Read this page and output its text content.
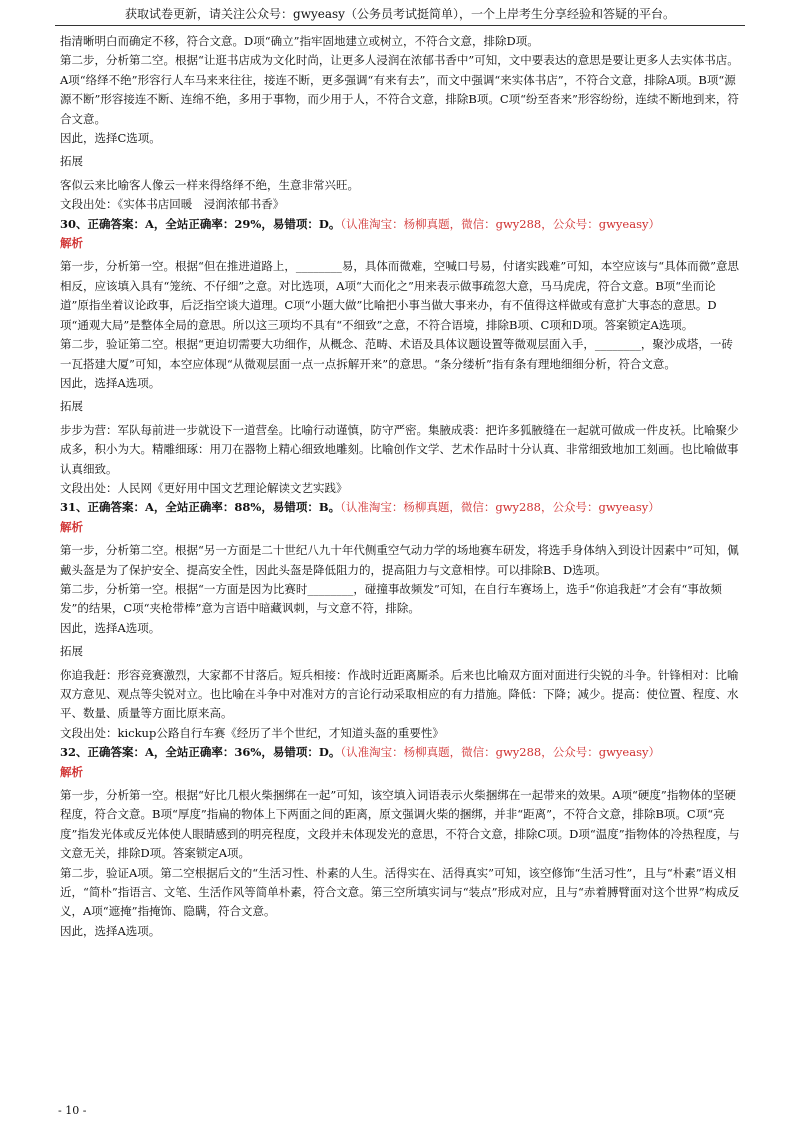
获取试卷更新，请关注公众号：gwyeasy（公务员考试挺简单），一个上岸考生分享经验和答疑的平台。

指清晰明白而确定不移，符合文意。D项“确立”指牢固地建立或树立，不符合文意，排除D项。

第二步，分析第二空。根据“让逛书店成为文化时尚，让更多人浸润在浓郁书香中”可知，文中要表达的意思是要让更多人去实体书店。A项“络绎不绝”形容行人车马来来往往，接连不断，更多强调“有来有去”，而文中强调“来实体书店”，不符合文意，排除A项。B项“源源不断”形容接连不断、连绵不绝，多用于事物，而少用于人，不符合文意，排除B项。C项“纷至沓来”形容纷纷，连续不断地到来，符合文意。

因此，选择C选项。

拓展

客似云来比喻客人像云一样来得络绎不绝，生意非常兴旺。

文段出处：《实体书店回暖　浸润浓郁书香》

30、正确答案：A，全站正确率：29%，易错项：D。（认准淘宝：杨柳真题，微信：gwy288，公众号：gwyeasy）

解析

第一步，分析第一空。根据“但在推进道路上，________易，具体而微难，空喊口号易，付诸实践难”可知，本空应该与“具体而微”意思相反，应该填入具有“笼统、不仔细”之意。对比选项，A项“大而化之”用来表示做事疏忽大意，马马虎虎，符合文意。B项“坐而论道”原指坐着议论政事，后泛指空谈大道理。C项“小题大做”比喻把小事当做大事来办，有不值得这样做或有意扩大事态的意思。D项“通观大局”是整体全局的意思。所以这三项均不具有“不细致”之意，不符合语境，排除B项、C项和D项。答案锁定A选项。

第二步，验证第二空。根据“更迫切需要大功细作，从概念、范畴、术语及具体议题设置等微观层面入手，________，聚沙成塔，一砖一瓦搭建大厦”可知，本空应体现“从微观层面一点一点拆解开来”的意思。“条分缕析”指有条有理地细细分析，符合文意。

因此，选择A选项。

拓展

步步为营：军队每前进一步就设下一道营垒。比喻行动谨慎，防守严密。集腋成裘：把许多狐腋缝在一起就可做成一件皮袄。比喻聚少成多，积小为大。精雕细琢：用刀在器物上精心细致地雕刻。比喻创作文学、艺术作品时十分认真、非常细致地加工刻画。也比喻做事认真细致。

文段出处：人民网《更好用中国文艺理论解读文艺实践》

31、正确答案：A，全站正确率：88%，易错项：B。（认准淘宝：杨柳真题，微信：gwy288，公众号：gwyeasy）

解析

第一步，分析第二空。根据“另一方面是二十世纪八九十年代侧重空气动力学的场地赛车研发，将选手身体纳入到设计因素中”可知，佩戴头盔是为了保护安全、提高安全性，因此头盔是降低阻力的，提高阻力与文意相悖。可以排除B、D选项。

第二步，分析第一空。根据“一方面是因为比赛时________，碰撞事故频发”可知，在自行车赛场上，选手“你追我赶”才会有“事故频发”的结果，C项“夹枪带棒”意为言语中暗藏讽刺，与文意不符，排除。

因此，选择A选项。

拓展

你追我赶：形容竞赛激烈，大家都不甘落后。短兵相接：作战时近距离厮杀。后来也比喻双方面对面进行尖锐的斗争。针锋相对：比喻双方意见、观点等尖锐对立。也比喻在斗争中对准对方的言论行动采取相应的有力措施。降低：下降；减少。提高：使位置、程度、水平、数量、质量等方面比原来高。

文段出处：kickup公路自行车赛《经历了半个世纪，才知道头盔的重要性》

32、正确答案：A，全站正确率：36%，易错项：D。（认准淘宝：杨柳真题，微信：gwy288，公众号：gwyeasy）

解析

第一步，分析第一空。根据“好比几根火柴捆绑在一起”可知，该空填入词语表示火柴捆绑在一起带来的效果。A项“硬度”指物体的坚硬程度，符合文意。B项“厚度”指扁的物体上下两面之间的距离，原文强调火柴的捆绑，并非“距离”，不符合文意，排除B项。C项“亮度”指发光体或反光体使人眼睛感到的明亮程度，文段并未体现发光的意思，不符合文意，排除C项。D项“温度”指物体的冷热程度，与文意无关，排除D项。答案锁定A项。

第二步，验证A项。第二空根据后文的“生活习性、朴素的人生。活得实在、活得真实”可知，该空修饰“生活习性”，且与“朴素”语义相近，“简朴”指语言、文笔、生活作风等简单朴素，符合文意。第三空所填实词与“装点”形成对应，且与“赤着膊臂面对这个世界”构成反义，A项“遮掩”指掩饰、隐瞒，符合文意。

因此，选择A选项。

- 10 -
